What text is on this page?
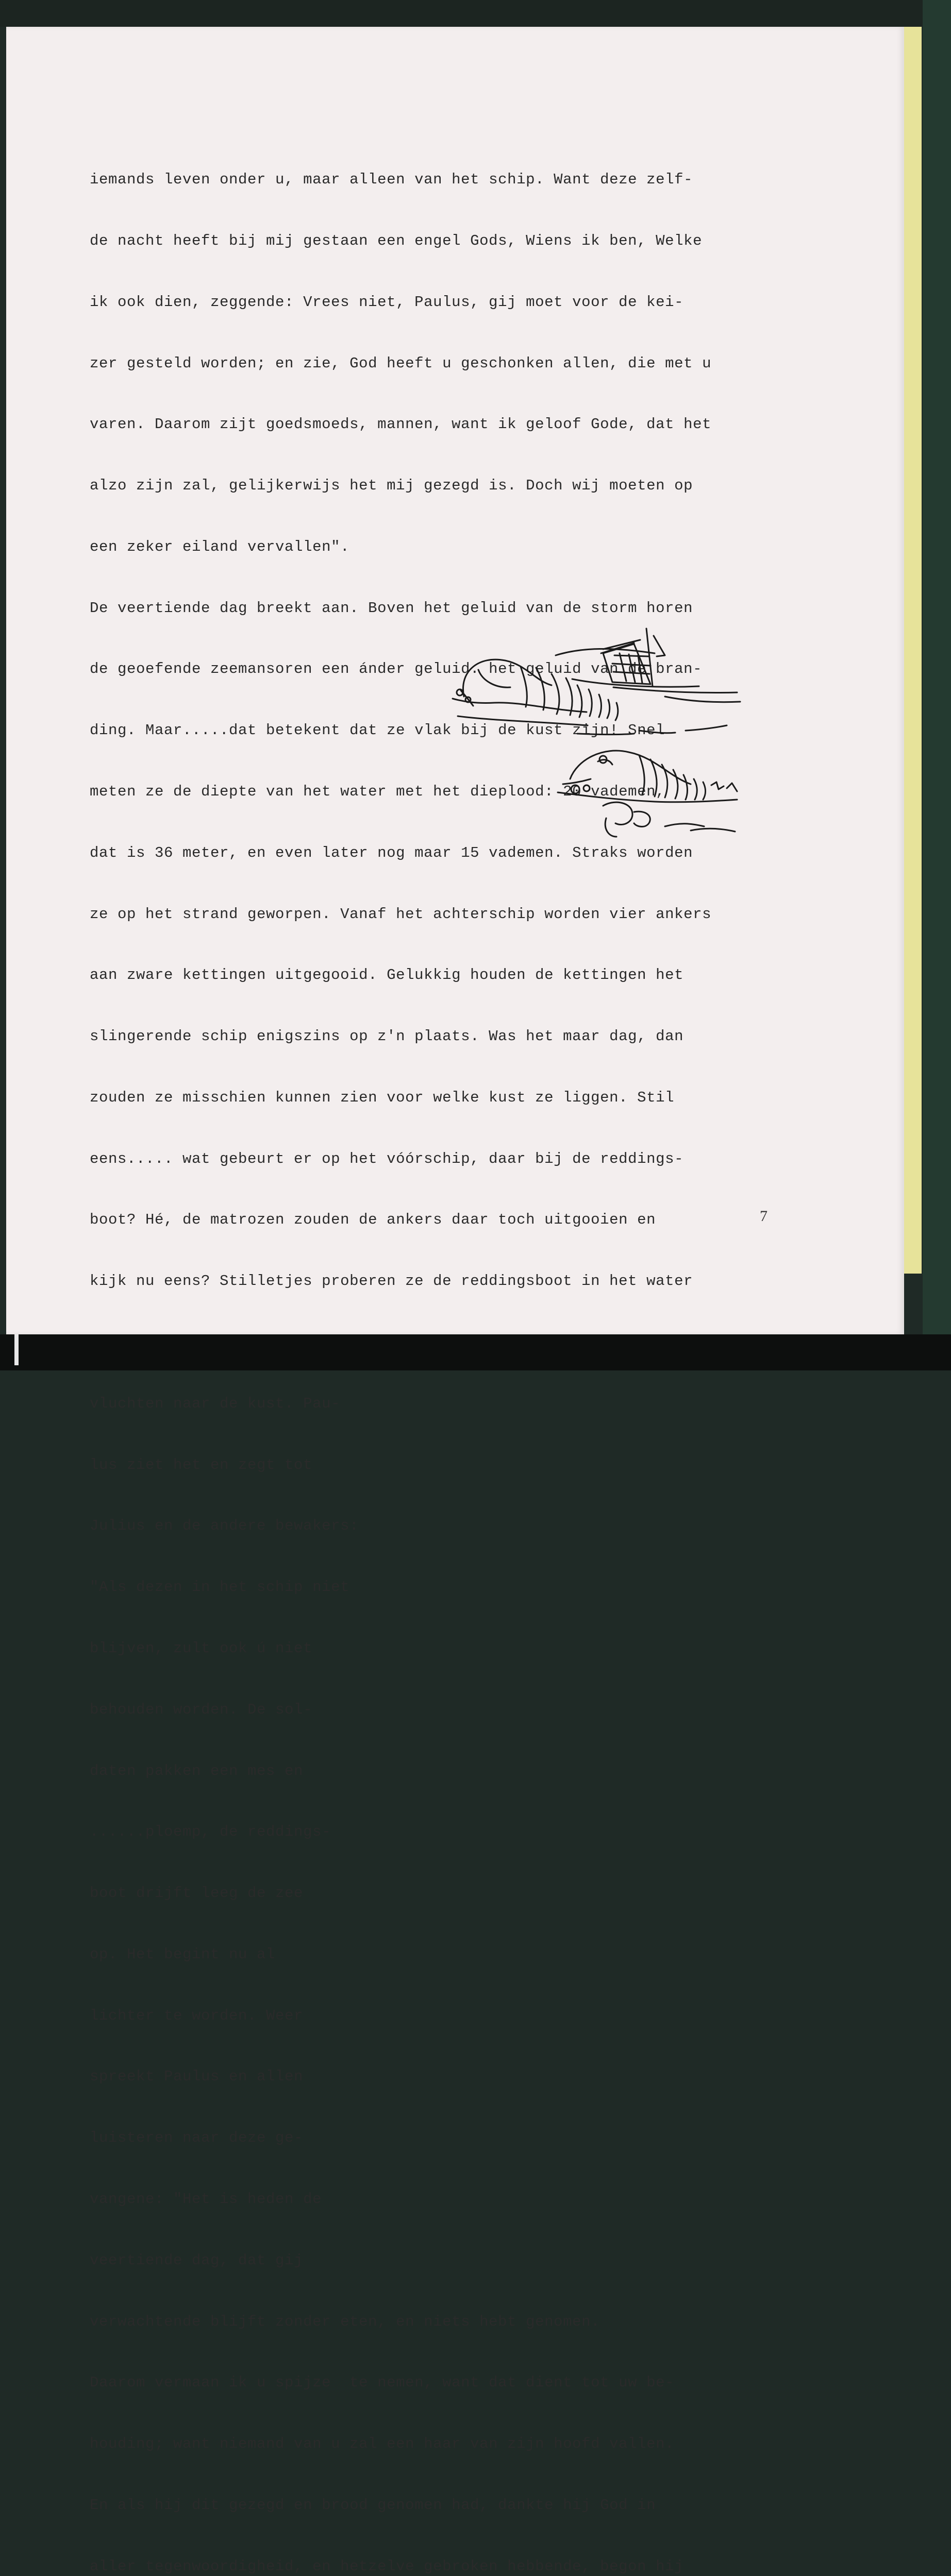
iemands leven onder u, maar alleen van het schip. Want deze zelf-

de nacht heeft bij mij gestaan een engel Gods, Wiens ik ben, Welke

ik ook dien, zeggende: Vrees niet, Paulus, gij moet voor de kei-

zer gesteld worden; en zie, God heeft u geschonken allen, die met u

varen. Daarom zijt goedsmoeds, mannen, want ik geloof Gode, dat het

alzo zijn zal, gelijkerwijs het mij gezegd is. Doch wij moeten op

een zeker eiland vervallen".

De veertiende dag breekt aan. Boven het geluid van de storm horen

de geoefende zeemansoren een ánder geluid. het geluid van de bran-

ding. Maar.....dat betekent dat ze vlak bij de kust zijn! Snel

meten ze de diepte van het water met het dieplood: 20 vademen,

dat is 36 meter, en even later nog maar 15 vademen. Straks worden

ze op het strand geworpen. Vanaf het achterschip worden vier ankers

aan zware kettingen uitgegooid. Gelukkig houden de kettingen het

slingerende schip enigszins op z'n plaats. Was het maar dag, dan

zouden ze misschien kunnen zien voor welke kust ze liggen. Stil

eens..... wat gebeurt er op het vóórschip, daar bij de reddings-

boot? Hé, de matrozen zouden de ankers daar toch uitgooien en

kijk nu eens? Stilletjes proberen ze de reddingsboot in het water

vluchten naar de kust. Pau-

lus ziet het en zegt tot

Julius en de andere bewakers:

"Als dezen in het schip niet

blijven, zult ook ú niet

behouden worden. De sol-

daten pakken een mes en

......ploemp, de reddings-

boot drijft leeg de zee

op. Het begint nu al

lichter te worden. Weer

spreekt Paulus en allen

luisteren naar deze ge-

vangene: "Het is heden de

veertiende dag, dat gij

verwachtende blijft zonder eten, en niets hebt genomen.

Daarom vermaan ik u spijze  te nemen, want dat dient tot uw be-

houding; want niemand van u zal een haar van zijn hoofd vallen.

En als hij dit gezegd en brood genomen had, dankte hij God in

aller tegenwoordigheid, en hetzelve gebroken hebbende, begon hij

7
